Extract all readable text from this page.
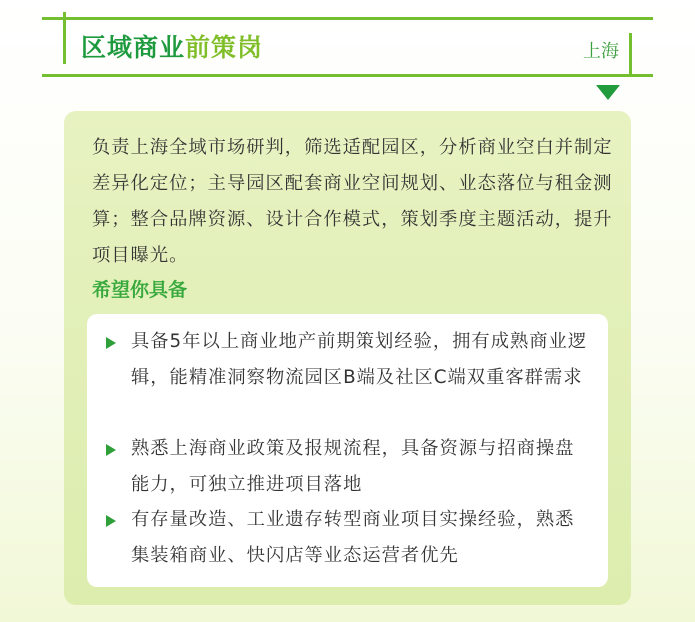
区域商业前策岗	上海

负责上海全域市场研判，筛选适配园区，分析商业空白并制定差异化定位；主导园区配套商业空间规划、业态落位与租金测算；整合品牌资源、设计合作模式，策划季度主题活动，提升项目曝光。

希望你具备
具备5年以上商业地产前期策划经验，拥有成熟商业逻辑，能精准洞察物流园区B端及社区C端双重客群需求
熟悉上海商业政策及报规流程，具备资源与招商操盘能力，可独立推进项目落地
有存量改造、工业遗存转型商业项目实操经验，熟悉集装箱商业、快闪店等业态运营者优先
